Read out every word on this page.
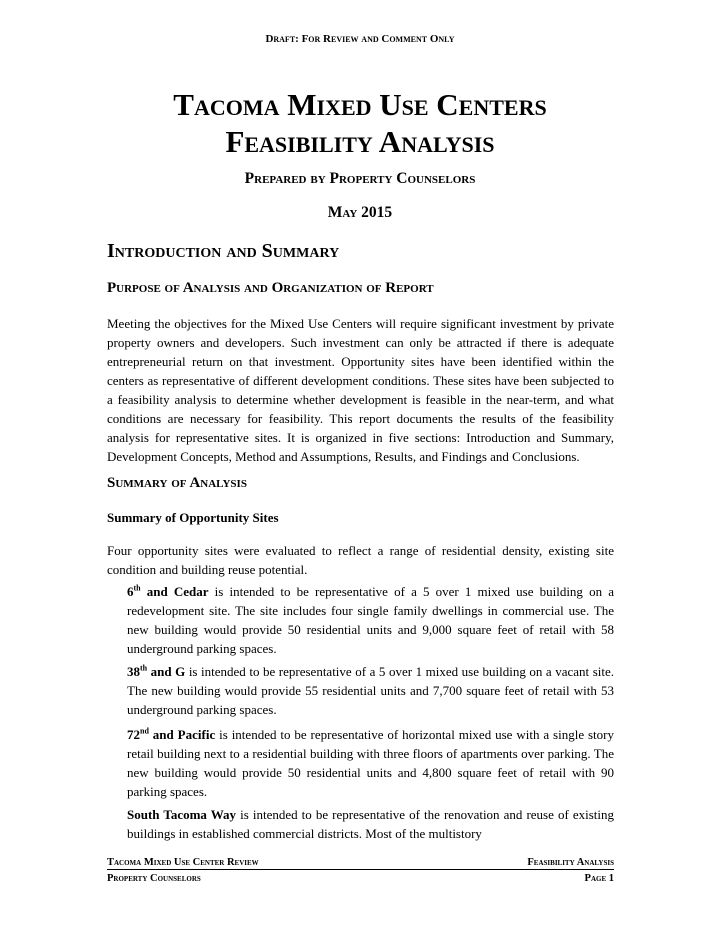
Draft: For Review and Comment Only
Tacoma Mixed Use Centers
Feasibility Analysis
Prepared by Property Counselors
May 2015
Introduction and Summary
Purpose of Analysis and Organization of Report

Meeting the objectives for the Mixed Use Centers will require significant investment by private property owners and developers. Such investment can only be attracted if there is adequate entrepreneurial return on that investment. Opportunity sites have been identified within the centers as representative of different development conditions. These sites have been subjected to a feasibility analysis to determine whether development is feasible in the near-term, and what conditions are necessary for feasibility. This report documents the results of the feasibility analysis for representative sites. It is organized in five sections: Introduction and Summary, Development Concepts, Method and Assumptions, Results, and Findings and Conclusions.

Summary of Analysis
Summary of Opportunity Sites

Four opportunity sites were evaluated to reflect a range of residential density, existing site condition and building reuse potential.

6th and Cedar is intended to be representative of a 5 over 1 mixed use building on a redevelopment site. The site includes four single family dwellings in commercial use. The new building would provide 50 residential units and 9,000 square feet of retail with 58 underground parking spaces.

38th and G is intended to be representative of a 5 over 1 mixed use building on a vacant site. The new building would provide 55 residential units and 7,700 square feet of retail with 53 underground parking spaces.

72nd and Pacific is intended to be representative of horizontal mixed use with a single story retail building next to a residential building with three floors of apartments over parking. The new building would provide 50 residential units and 4,800 square feet of retail with 90 parking spaces.

South Tacoma Way is intended to be representative of the renovation and reuse of existing buildings in established commercial districts. Most of the multistory

Tacoma Mixed Use Center Review	Feasibility Analysis
Property Counselors	Page 1
